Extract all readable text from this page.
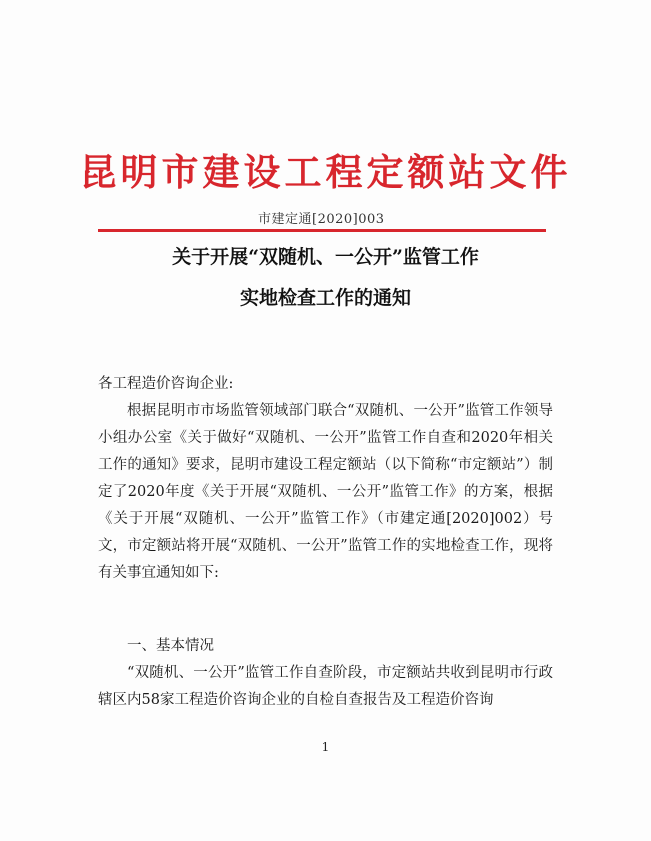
昆明市建设工程定额站文件
市建定通[2020]003
关于开展“双随机、一公开”监管工作
实地检查工作的通知
各工程造价咨询企业:
根据昆明市市场监管领域部门联合“双随机、一公开”监管工作领导小组办公室《关于做好“双随机、一公开”监管工作自查和2020年相关工作的通知》要求，昆明市建设工程定额站（以下简称“市定额站”）制定了2020年度《关于开展“双随机、一公开”监管工作》的方案，根据《关于开展“双随机、一公开”监管工作》（市建定通[2020]002）号文，市定额站将开展“双随机、一公开”监管工作的实地检查工作，现将有关事宜通知如下:
一、基本情况
“双随机、一公开”监管工作自查阶段，市定额站共收到昆明市行政辖区内58家工程造价咨询企业的自检自查报告及工程造价咨询
1
